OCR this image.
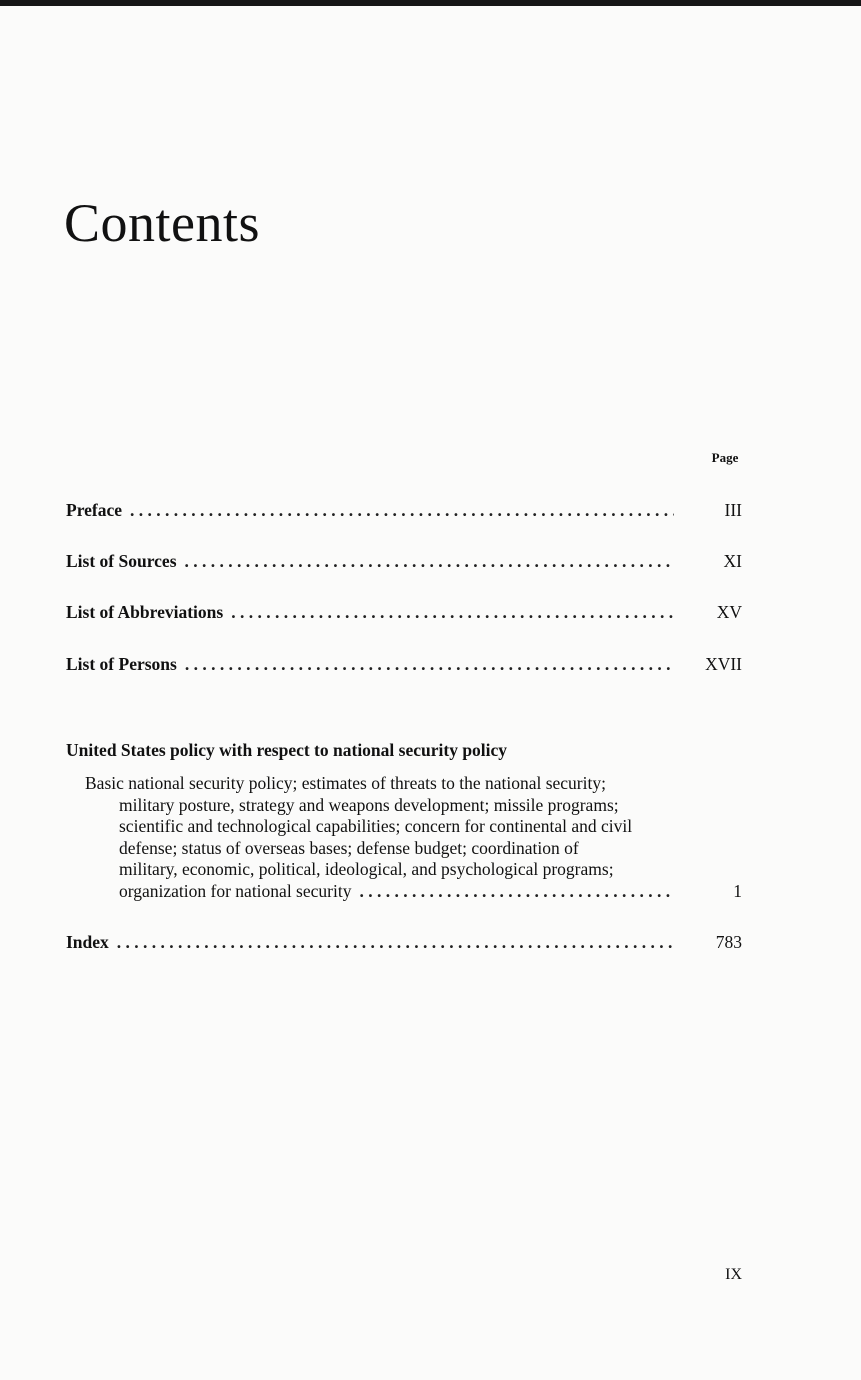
Contents
Page
Preface . . .	III
List of Sources . . .	XI
List of Abbreviations . . .	XV
List of Persons . . .	XVII
United States policy with respect to national security policy
Basic national security policy; estimates of threats to the national security;
military posture, strategy and weapons development; missile programs;
scientific and technological capabilities; concern for continental and civil
defense; status of overseas bases; defense budget; coordination of
military, economic, political, ideological, and psychological programs;
organization for national security . . .	1
Index . . .	783
IX
